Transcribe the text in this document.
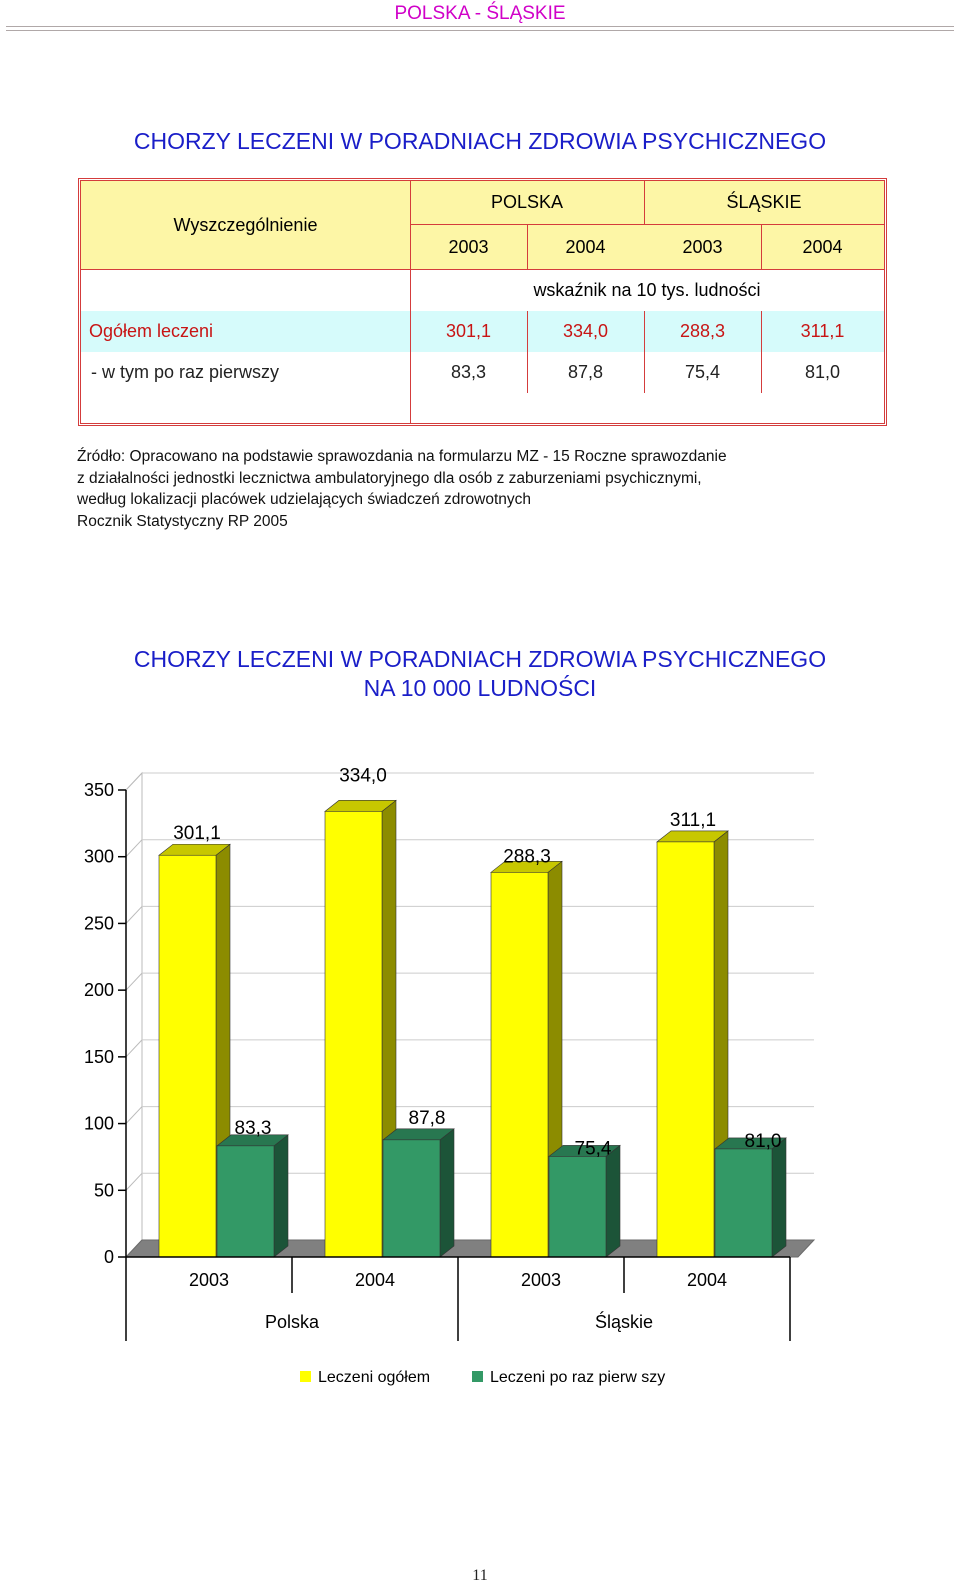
POLSKA - ŚLĄSKIE
CHORZY LECZENI W PORADNIACH ZDROWIA PSYCHICZNEGO
Wyszczególnienie
POLSKA	ŚLĄSKIE
2003	2004	2003	2004
wskaźnik na 10 tys. ludności
Ogółem leczeni	301,1	334,0	288,3	311,1
- w tym po raz pierwszy	83,3	87,8	75,4	81,0
Źródło: Opracowano na podstawie sprawozdania na formularzu MZ - 15 Roczne sprawozdanie
z działalności jednostki lecznictwa ambulatoryjnego dla osób z zaburzeniami psychicznymi,
według lokalizacji placówek udzielających świadczeń zdrowotnych
Rocznik Statystyczny RP 2005
CHORZY LECZENI W PORADNIACH ZDROWIA PSYCHICZNEGO
NA 10 000 LUDNOŚCI
0
50
100
150
200
250
300
350
301,1
83,3
334,0
87,8
288,3
75,4
311,1
81,0
2003	2004	2003	2004
Polska	Śląskie
Leczeni ogółem	Leczeni po raz pierw szy
11
